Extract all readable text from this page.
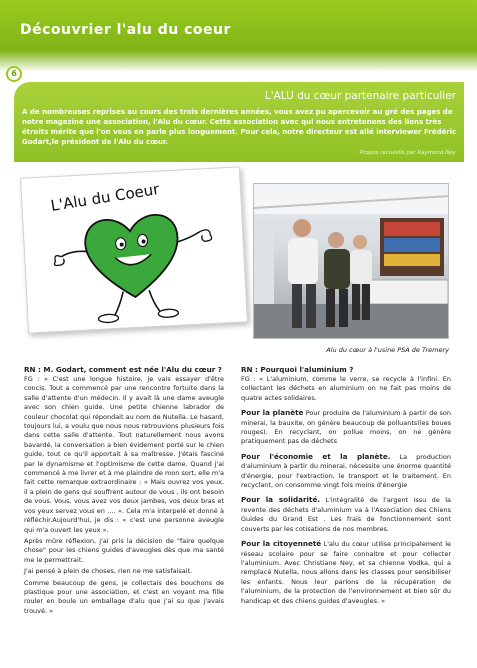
Découvrier l'alu du coeur
6
L'ALU du cœur partenaire particulier
A de nombreuses reprises au cours des trois dernières années, vous avez pu apercevoir au gré des pages de notre magazine une association, l'Alu du cœur. Cette association avec qui nous entretenons des liens très étroits mérite que l'on vous en parle plus longuement. Pour cela, notre directeur est allé interviewer Frédéric Godart,le président de l'Alu du cœur.
Propos recueillis par Raymond Ney
L'Alu du Coeur
Alu du cœur à l'usine PSA de Tremery

RN : M. Godart, comment est née l'Alu du cœur ?

FG : « C'est une longue histoire, je vais essayer d'être concis. Tout a commencé par une rencontre fortuite dans la salle d'attente d'un médecin. Il y avait là une dame aveugle avec son chien guide. Une petite chienne labrador de couleur chocolat qui répondait au nom de Nutella. Le hasard, toujours lui, a voulu que nous nous retrouvions plusieurs fois dans cette salle d'attente. Tout naturellement nous avons bavardé, la conversation a bien évidement porté sur le chien guide, tout ce qu'il apportait à sa maîtresse. J'étais fasciné par le dynamisme et l'optimisme de cette dame. Quand j'ai commencé à me livrer et à me plaindre de mon sort, elle m'a fait cette remarque extraordinaire : « Mais ouvrez vos yeux, il a plein de gens qui souffrent autour de vous , ils ont besoin de vous. Vous, vous avez vos deux jambes, vos deux bras et vos yeux servez vous en …. ». Cela m'a interpelé et donné à réfléchir.Aujourd'hui, je dis : « c'est une personne aveugle qui m'a ouvert les yeux ».

Après mûre réflexion, j'ai pris la décision de "faire quelque chose" pour les chiens guides d'aveugles dès que ma santé me le permettrait.

J'ai pensé à plein de choses, rien ne me satisfaisait.

Comme beaucoup de gens, je collectais des bouchons de plastique pour une association, et c'est en voyant ma fille rouler en boule un emballage d'alu que j'ai su que j'avais trouvé. »

RN : Pourquoi l'aluminium ?

FG : « L'aluminium, comme le verre, se recycle à l'infini. En collectant les déchets en aluminium on ne fait pas moins de quatre actes solidaires.

Pour la planète Pour produire de l'aluminium à partir de son minerai, la bauxite, on génère beaucoup de polluants(les boues rouges). En recyclant, on pollue moins, on ne génère pratiquement pas de déchets

Pour l'économie et la planète. La production d'aluminium à partir du minerai, nécessite une énorme quantité d'énergie, pour l'extraction, le transport et le traitement. En recyclant, on consomme vingt fois moins d'énergie

Pour la solidarité. L'intégralité de l'argent issu de la revente des déchets d'aluminium va à l'Association des Chiens Guides du Grand Est . Les frais de fonctionnement sont couverts par les cotisations de nos membres.

Pour la citoyenneté L'alu du cœur utilise principalement le réseau scolaire pour se faire connaitre et pour collecter l'aluminium. Avec Christiane Ney, et sa chienne Vodka, qui a remplacé Nutella, nous allons dans les classes pour sensibiliser les enfants. Nous leur parlons de la récupération de l'aluminium, de la protection de l'environnement et bien sûr du handicap et des chiens guides d'aveugles. »
